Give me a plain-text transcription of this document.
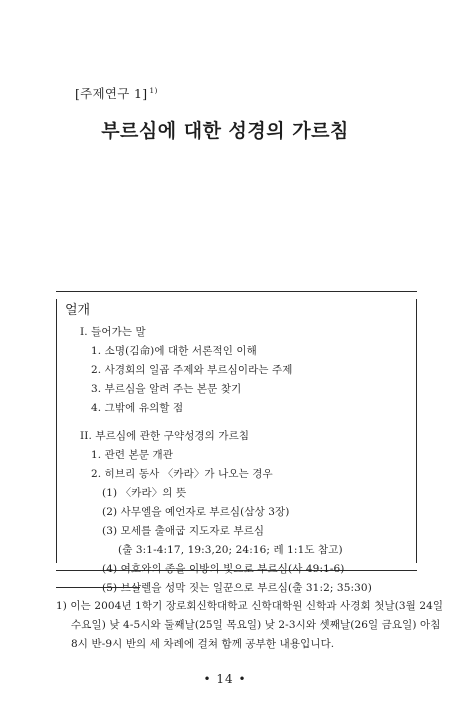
[주제연구 1] $^{1)}$
부르심에 대한 성경의 가르침
얼개
I. 들어가는 말
1. 소명(김命)에 대한 서론적인 이해
2. 사경회의 일곱 주제와 부르심이라는 주제
3. 부르심을 알려 주는 본문 찾기
4. 그밖에 유의할 점
II. 부르심에 관한 구약성경의 가르침
1. 관련 본문 개관
2. 히브리 동사 〈카라〉가 나오는 경우
(1) 〈카라〉의 뜻
(2) 사무엘을 예언자로 부르심(삼상 3장)
(3) 모세를 출애굽 지도자로 부르심
(출 3:1-4:17, 19:3,20; 24:16; 레 1:1도 참고)
(4) 여호와의 종을 이방의 빛으로 부르심(사 49:1-6)
(5) 브살렐을 성막 짓는 일꾼으로 부르심(출 31:2; 35:30)
1) 이는 2004년 1학기 장로회신학대학교 신학대학원 신학과 사경회 첫날(3월 24일
수요일) 낮 4-5시와 둘째날(25일 목요일) 낮 2-3시와 셋째날(26일 금요일) 아침
8시 반-9시 반의 세 차례에 걸쳐 함께 공부한 내용입니다.
• 14 •
